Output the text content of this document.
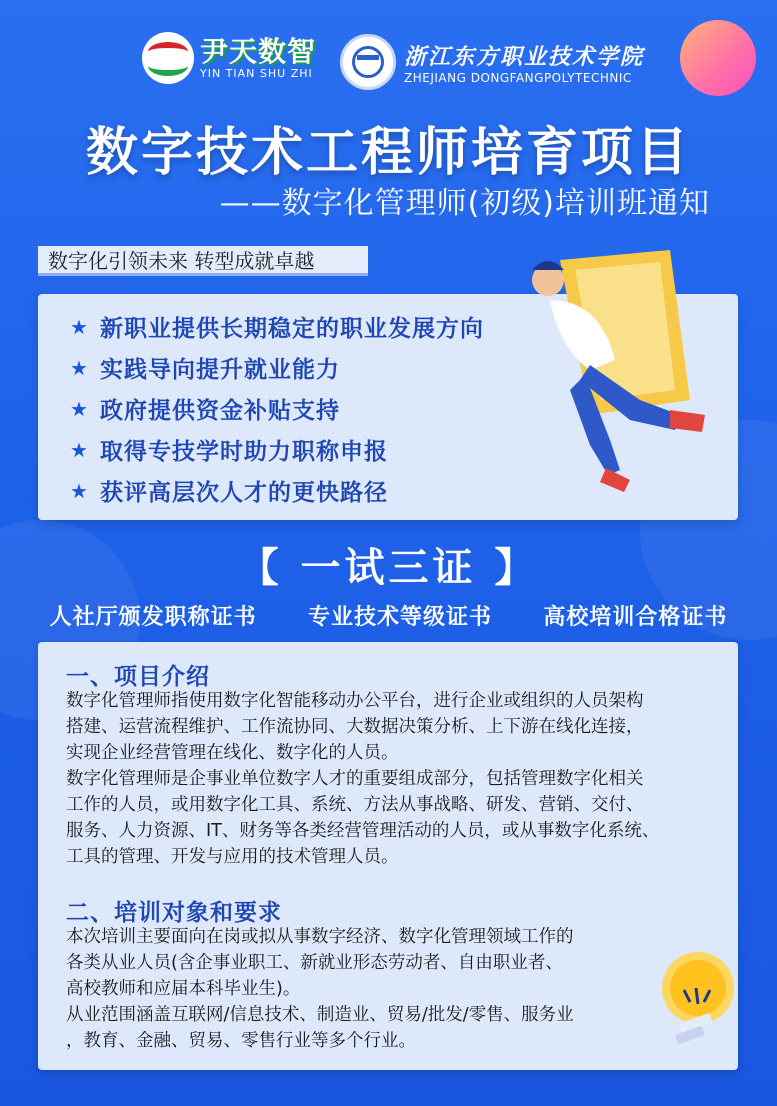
尹天数智
YIN TIAN SHU ZHI
浙江东方职业技术学院
ZHEJIANG DONGFANGPOLYTECHNIC
数字技术工程师培育项目
——数字化管理师(初级)培训班通知
数字化引领未来 转型成就卓越
★ 新职业提供长期稳定的职业发展方向
★ 实践导向提升就业能力
★ 政府提供资金补贴支持
★ 取得专技学时助力职称申报
★ 获评高层次人才的更快路径
【 一试三证 】
人社厅颁发职称证书 专业技术等级证书 高校培训合格证书
一、项目介绍
数字化管理师指使用数字化智能移动办公平台，进行企业或组织的人员架构
搭建、运营流程维护、工作流协同、大数据决策分析、上下游在线化连接，
实现企业经营管理在线化、数字化的人员。
数字化管理师是企事业单位数字人才的重要组成部分，包括管理数字化相关
工作的人员，或用数字化工具、系统、方法从事战略、研发、营销、交付、
服务、人力资源、IT、财务等各类经营管理活动的人员，或从事数字化系统、
工具的管理、开发与应用的技术管理人员。
二、培训对象和要求
本次培训主要面向在岗或拟从事数字经济、数字化管理领域工作的
各类从业人员(含企事业职工、新就业形态劳动者、自由职业者、
高校教师和应届本科毕业生)。
从业范围涵盖互联网/信息技术、制造业、贸易/批发/零售、服务业
，教育、金融、贸易、零售行业等多个行业。
